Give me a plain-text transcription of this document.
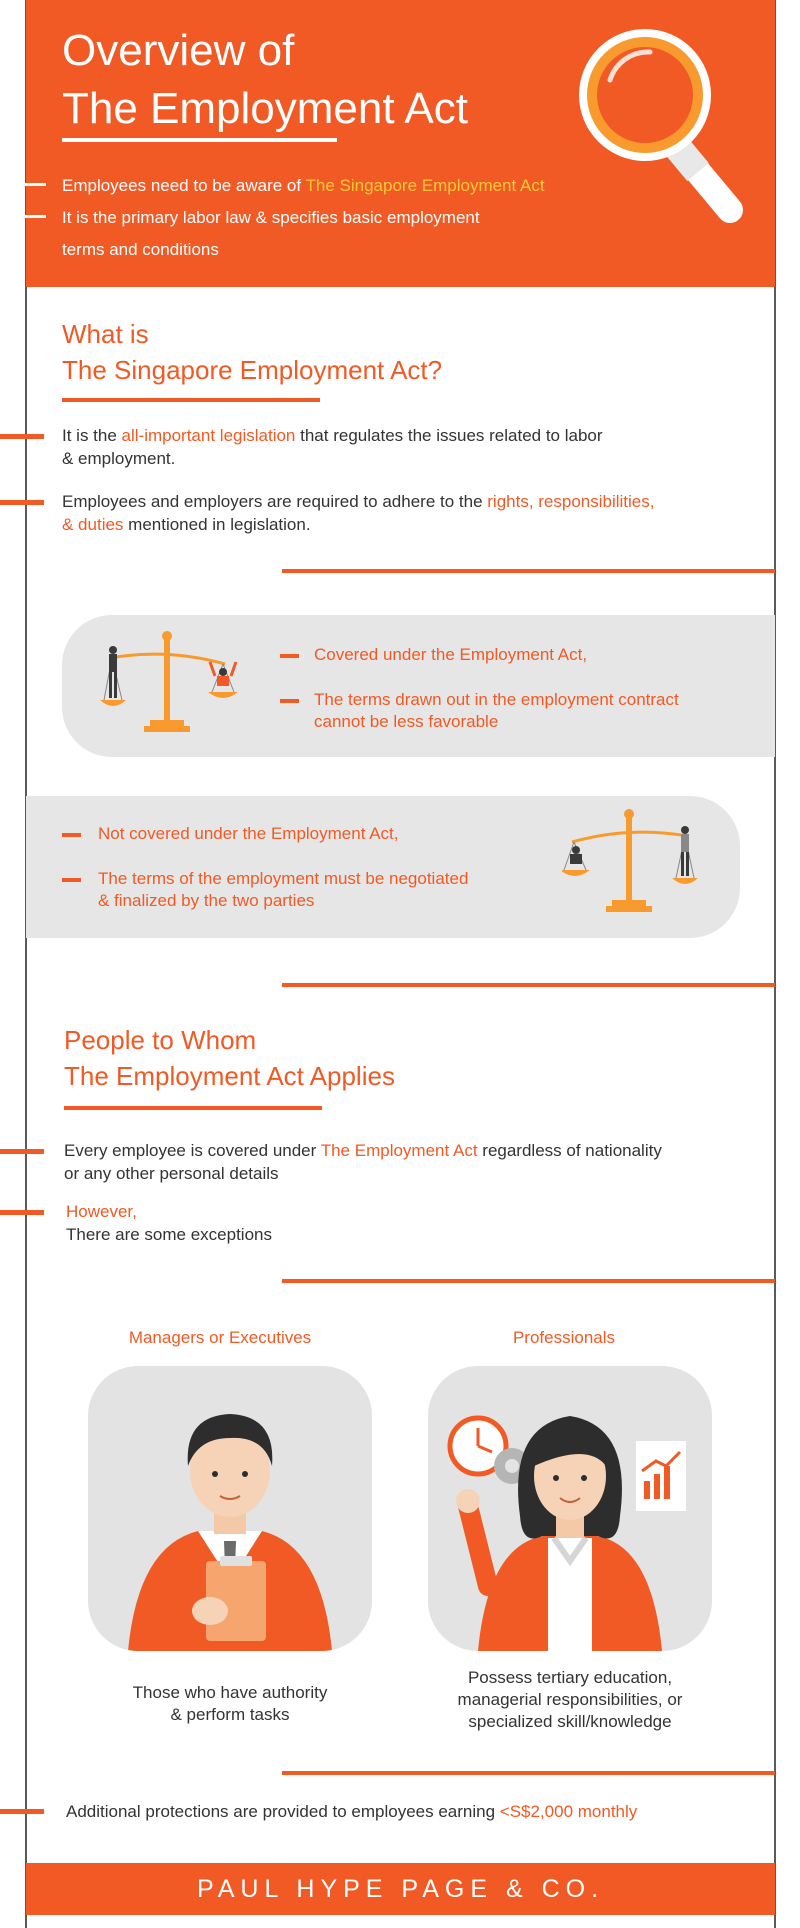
Overview of
The Employment Act
Employees need to be aware of The Singapore Employment Act
It is the primary labor law & specifies basic employment
terms and conditions
What is
The Singapore Employment Act?
It is the all-important legislation that regulates the issues related to labor
& employment.
Employees and employers are required to adhere to the rights, responsibilities,
& duties mentioned in legislation.
Covered under the Employment Act,
The terms drawn out in the employment contract
cannot be less favorable
Not covered under the Employment Act,
The terms of the employment must be negotiated
& finalized by the two parties
People to Whom
The Employment Act Applies
Every employee is covered under The Employment Act regardless of nationality
or any other personal details
However,
There are some exceptions
Managers or Executives	Professionals
Those who have authority
& perform tasks
Possess tertiary education,
managerial responsibilities, or
specialized skill/knowledge
Additional protections are provided to employees earning <S$2,000 monthly
PAUL HYPE PAGE & CO.
